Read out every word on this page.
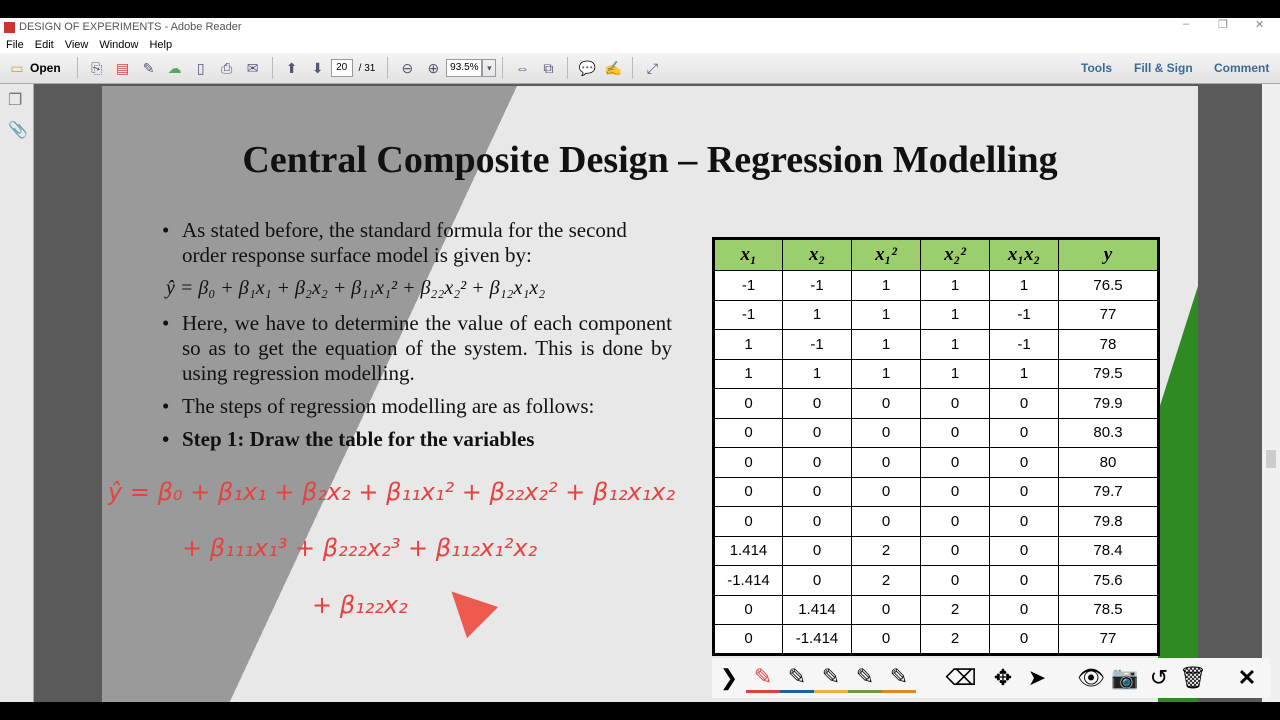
DESIGN OF EXPERIMENTS - Adobe Reader	–	❐ ✕
File Edit View Window Help
▭ Open	⎘ ▤ ✎ ☁	▯	⎙	✉	⬆	⬇	20	/ 31	⊖	⊕	93.5% ▾	⇔	⧉	💬 ✍	⤢	Tools Fill & Sign Comment
❐
📎
Central Composite Design – Regression Modelling
• As stated before, the standard formula for the second order response surface model is given by:
ŷ = β₀ + β₁x₁ + β₂x₂ + β₁₁x₁² + β₂₂x₂² + β₁₂x₁x₂
• Here, we have to determine the value of each component so as to get the equation of the system. This is done by using regression modelling.
• The steps of regression modelling are as follows:
• Step 1: Draw the table for the variables
x₁	x₂	x₁²	x₂²	x₁x₂	y
-1	-1	1	1	1	76.5
-1	1	1	1	-1	77
1	-1	1	1	-1	78
1	1	1	1	1	79.5
0	0	0	0	0	79.9
0	0	0	0	0	80.3
0	0	0	0	0	80
0	0	0	0	0	79.7
0	0	0	0	0	79.8
1.414	0	2	0	0	78.4
-1.414	0	2	0	0	75.6
0	1.414	0	2	0	78.5
0	-1.414	0	2	0	77
ŷ = β₀ + β₁x₁ + β₂x₂ + β₁₁x₁² + β₂₂x₂² + β₁₂x₁x₂
+ β₁₁₁x₁³ + β₂₂₂x₂³ + β₁₁₂x₁²x₂
+ β₁₂₂x₂
❯ ✎ ✎ ✎ ✎ ✎	⌫ ✥ ➤	👁 📷 ↺ 🗑	✕
